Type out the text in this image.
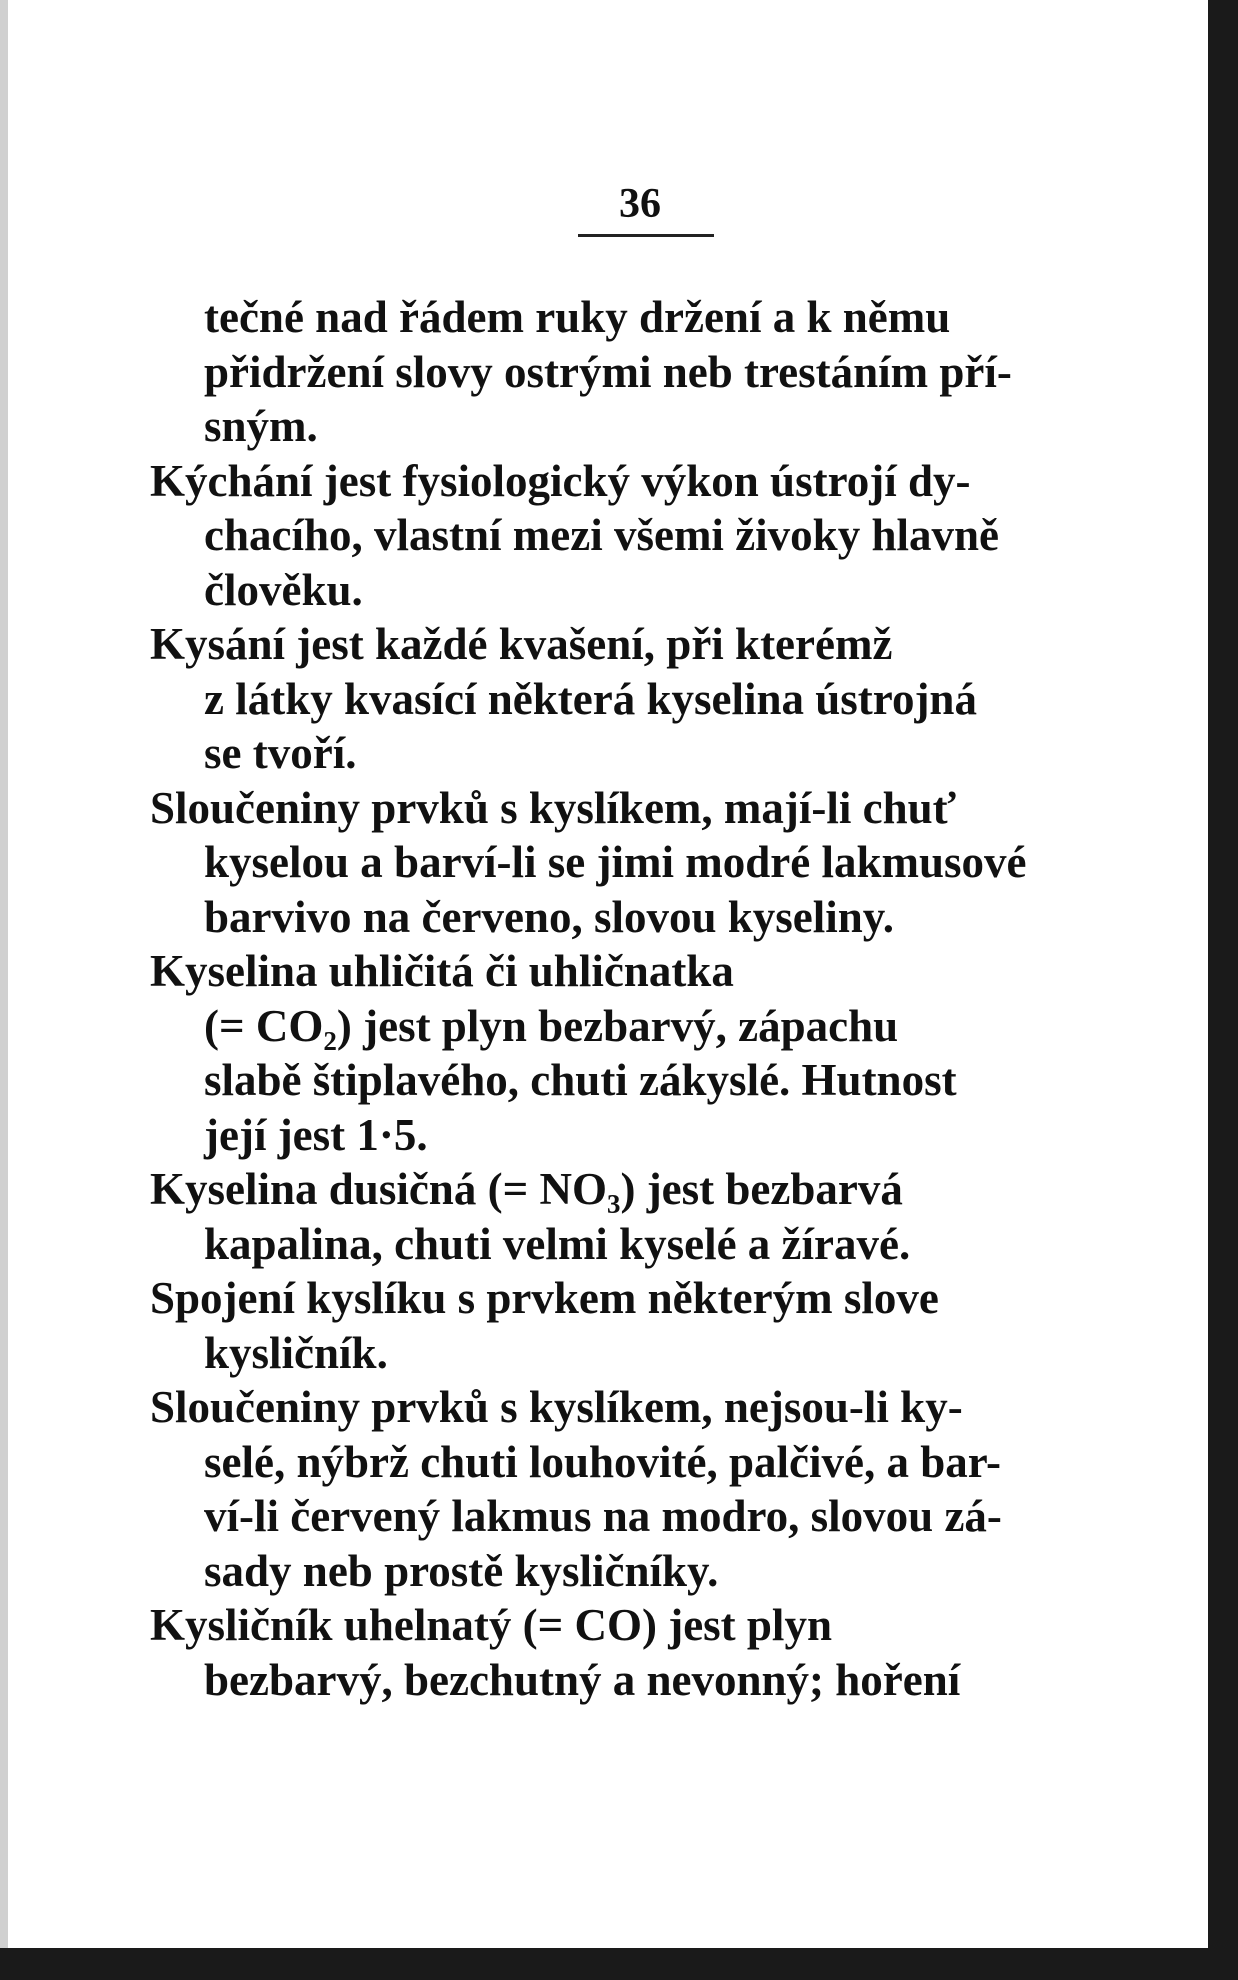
36
tečné nad řádem ruky držení a k němu
přidržení slovy ostrými neb trestáním pří-
sným.
Kýchání jest fysiologický výkon ústrojí dy-
chacího, vlastní mezi všemi živoky hlavně
člověku.
Kysání jest každé kvašení, při kterémž
z látky kvasící některá kyselina ústrojná
se tvoří.
Sloučeniny prvků s kyslíkem, mají-li chuť
kyselou a barví-li se jimi modré lakmusové
barvivo na červeno, slovou kyseliny.
Kyselina uhličitá či uhličnatka
(= CO₂) jest plyn bezbarvý, zápachu
slabě štiplavého, chuti zákyslé. Hutnost
její jest 1·5.
Kyselina dusičná (= NO₃) jest bezbarvá
kapalina, chuti velmi kyselé a žíravé.
Spojení kyslíku s prvkem některým slove
kysličník.
Sloučeniny prvků s kyslíkem, nejsou-li ky-
selé, nýbrž chuti louhovité, palčivé, a bar-
ví-li červený lakmus na modro, slovou zá-
sady neb prostě kysličníky.
Kysličník uhelnatý (= CO) jest plyn
bezbarvý, bezchutný a nevonný; hoření
